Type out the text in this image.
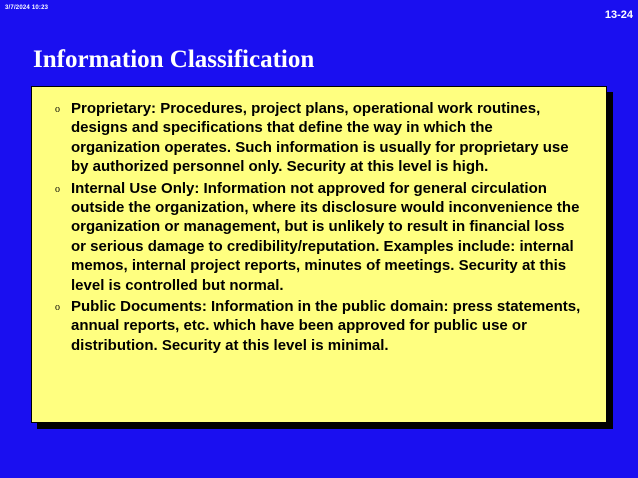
3/7/2024 10:23
13-24
Information Classification
o Proprietary: Procedures, project plans, operational work routines, designs and specifications that define the way in which the organization operates. Such information is usually for proprietary use by authorized personnel only. Security at this level is high.
o Internal Use Only: Information not approved for general circulation outside the organization, where its disclosure would inconvenience the organization or management, but is unlikely to result in financial loss or serious damage to credibility/reputation. Examples include: internal memos, internal project reports, minutes of meetings. Security at this level is controlled but normal.
o Public Documents: Information in the public domain: press statements, annual reports, etc. which have been approved for public use or distribution. Security at this level is minimal.
